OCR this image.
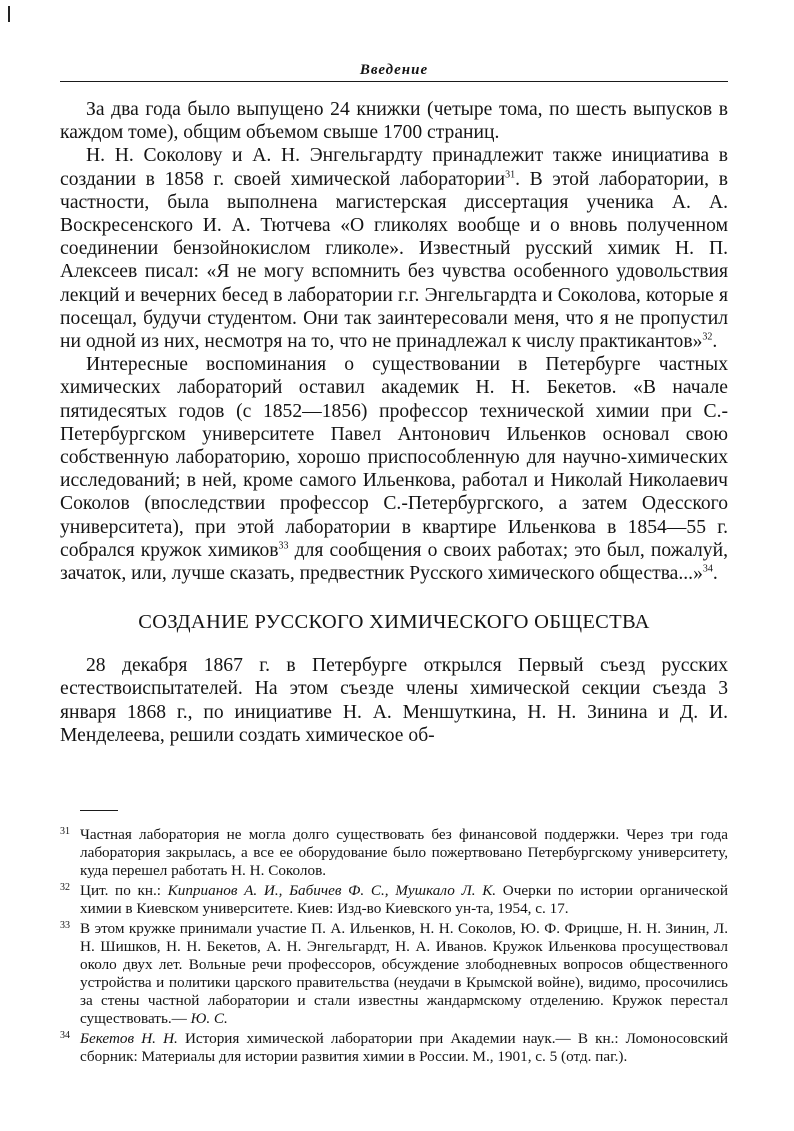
Введение

За два года было выпущено 24 книжки (четыре тома, по шесть выпусков в каждом томе), общим объемом свыше 1700 страниц.

Н. Н. Соколову и А. Н. Энгельгардту принадлежит также инициатива в создании в 1858 г. своей химической лаборатории$^{31}$. В этой лаборатории, в частности, была выполнена магистерская диссертация ученика А. А. Воскресенского И. А. Тютчева «О гликолях вообще и о вновь полученном соединении бензойнокислом гликоле». Известный русский химик Н. П. Алексеев писал: «Я не могу вспомнить без чувства особенного удовольствия лекций и вечерних бесед в лаборатории г.г. Энгельгардта и Соколова, которые я посещал, будучи студентом. Они так заинтересовали меня, что я не пропустил ни одной из них, несмотря на то, что не принадлежал к числу практикантов»$^{32}$.

Интересные воспоминания о существовании в Петербурге частных химических лабораторий оставил академик Н. Н. Бекетов. «В начале пятидесятых годов (с 1852—1856) профессор технической химии при С.-Петербургском университете Павел Антонович Ильенков основал свою собственную лабораторию, хорошо приспособленную для научно-химических исследований; в ней, кроме самого Ильенкова, работал и Николай Николаевич Соколов (впоследствии профессор С.-Петербургского, а затем Одесского университета), при этой лаборатории в квартире Ильенкова в 1854—55 г. собрался кружок химиков$^{33}$ для сообщения о своих работах; это был, пожалуй, зачаток, или, лучше сказать, предвестник Русского химического общества...»$^{34}$.

СОЗДАНИЕ РУССКОГО ХИМИЧЕСКОГО ОБЩЕСТВА

28 декабря 1867 г. в Петербурге открылся Первый съезд русских естествоиспытателей. На этом съезде члены химической секции съезда 3 января 1868 г., по инициативе Н. А. Меншуткина, Н. Н. Зинина и Д. И. Менделеева, решили создать химическое об-

31 Частная лаборатория не могла долго существовать без финансовой поддержки. Через три года лаборатория закрылась, а все ее оборудование было пожертвовано Петербургскому университету, куда перешел работать Н. Н. Соколов.

32 Цит. по кн.: Киприанов А. И., Бабичев Ф. С., Мушкало Л. К. Очерки по истории органической химии в Киевском университете. Киев: Изд-во Киевского ун-та, 1954, с. 17.

33 В этом кружке принимали участие П. А. Ильенков, Н. Н. Соколов, Ю. Ф. Фрицше, Н. Н. Зинин, Л. Н. Шишков, Н. Н. Бекетов, А. Н. Энгельгардт, Н. А. Иванов. Кружок Ильенкова просуществовал около двух лет. Вольные речи профессоров, обсуждение злободневных вопросов общественного устройства и политики царского правительства (неудачи в Крымской войне), видимо, просочились за стены частной лаборатории и стали известны жандармскому отделению. Кружок перестал существовать.— Ю. С.

34 Бекетов Н. Н. История химической лаборатории при Академии наук.— В кн.: Ломоносовский сборник: Материалы для истории развития химии в России. М., 1901, с. 5 (отд. паг.).
